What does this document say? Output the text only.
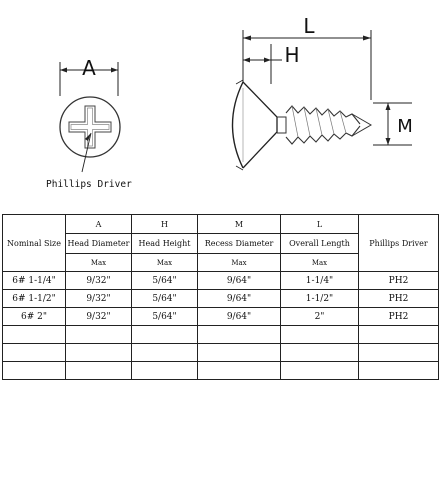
A
Phillips Driver
L
H
M
Nominal Size	A	H	M	L	Phillips Driver
	Head Diameter	Head Height	Recess Diameter	Overall Length	
	Max	Max	Max	Max	
6# 1-1/4"	9/32"	5/64"	9/64"	1-1/4"	PH2
6# 1-1/2"	9/32"	5/64"	9/64"	1-1/2"	PH2
6# 2"	9/32"	5/64"	9/64"	2"	PH2
